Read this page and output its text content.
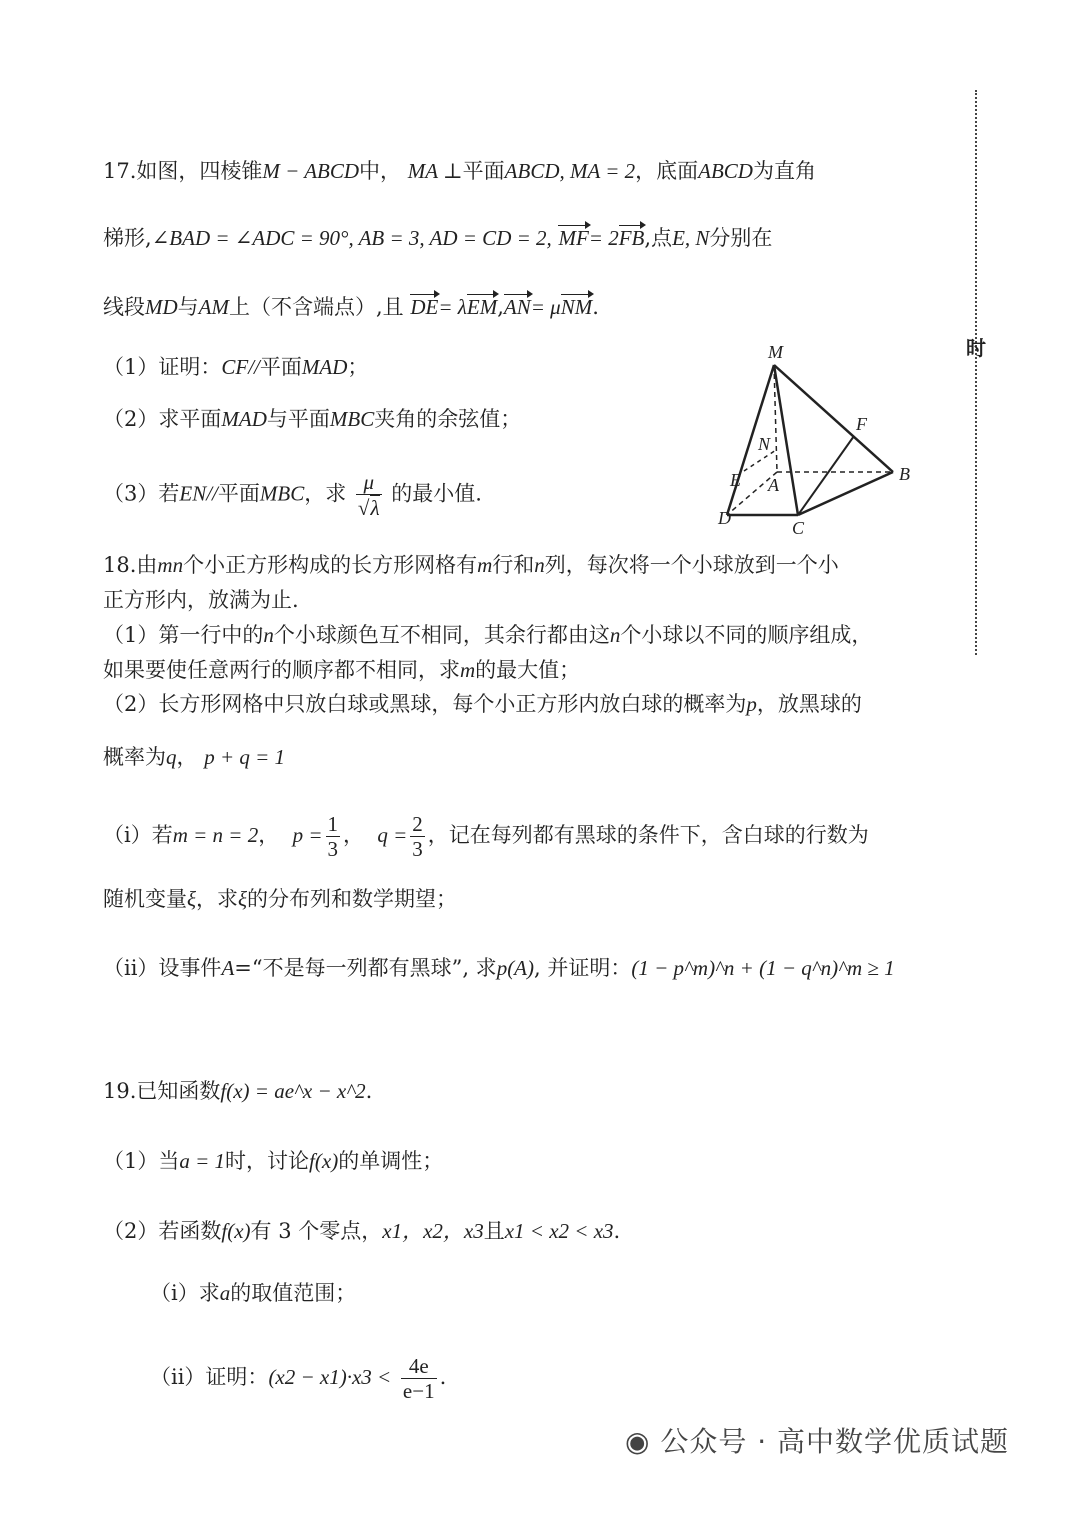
17.如图，四棱锥M − ABCD中， MA ⊥平面ABCD, MA = 2，底面ABCD为直角
梯形,∠BAD = ∠ADC = 90°, AB = 3, AD = CD = 2, MF= 2FB,点E, N分别在
线段MD与AM上（不含端点）,且 DE= λEM,AN= μNM.
（1）证明：CF//平面MAD；
（2）求平面MAD与平面MBC夹角的余弦值；
（3）若EN//平面MBC，求 $\frac{\mu}{√\lambda}$ 的最小值.
M
N
F
E A
B
D	C
18.由mn个小正方形构成的长方形网格有m行和n列，每次将一个小球放到一个小
正方形内，放满为止.
（1）第一行中的n个小球颜色互不相同，其余行都由这n个小球以不同的顺序组成，
如果要使任意两行的顺序都不相同，求m的最大值；
（2）长方形网格中只放白球或黑球，每个小正方形内放白球的概率为p，放黑球的
概率为q， p + q = 1
（i）若m = n = 2， $p = \frac{1}{3}$ ， $q = \frac{2}{3}$ ，记在每列都有黑球的条件下，含白球的行数为
随机变量ξ，求ξ的分布列和数学期望；
（ii）设事件A=“不是每一列都有黑球”, 求p(A), 并证明：(1 − p^m)^n + (1 − q^n)^m ≥ 1
19.已知函数f(x) = ae^x − x^2.
（1）当a = 1时，讨论f(x)的单调性；
（2）若函数f(x)有 3 个零点，x1，x2，x3且x1 < x2 < x3.
（i）求a的取值范围；
（ii）证明：$(x2 - x1)\cdot x3 < \frac{4e}{e-1}$ .
时
◉ 公众号 · 高中数学优质试题
